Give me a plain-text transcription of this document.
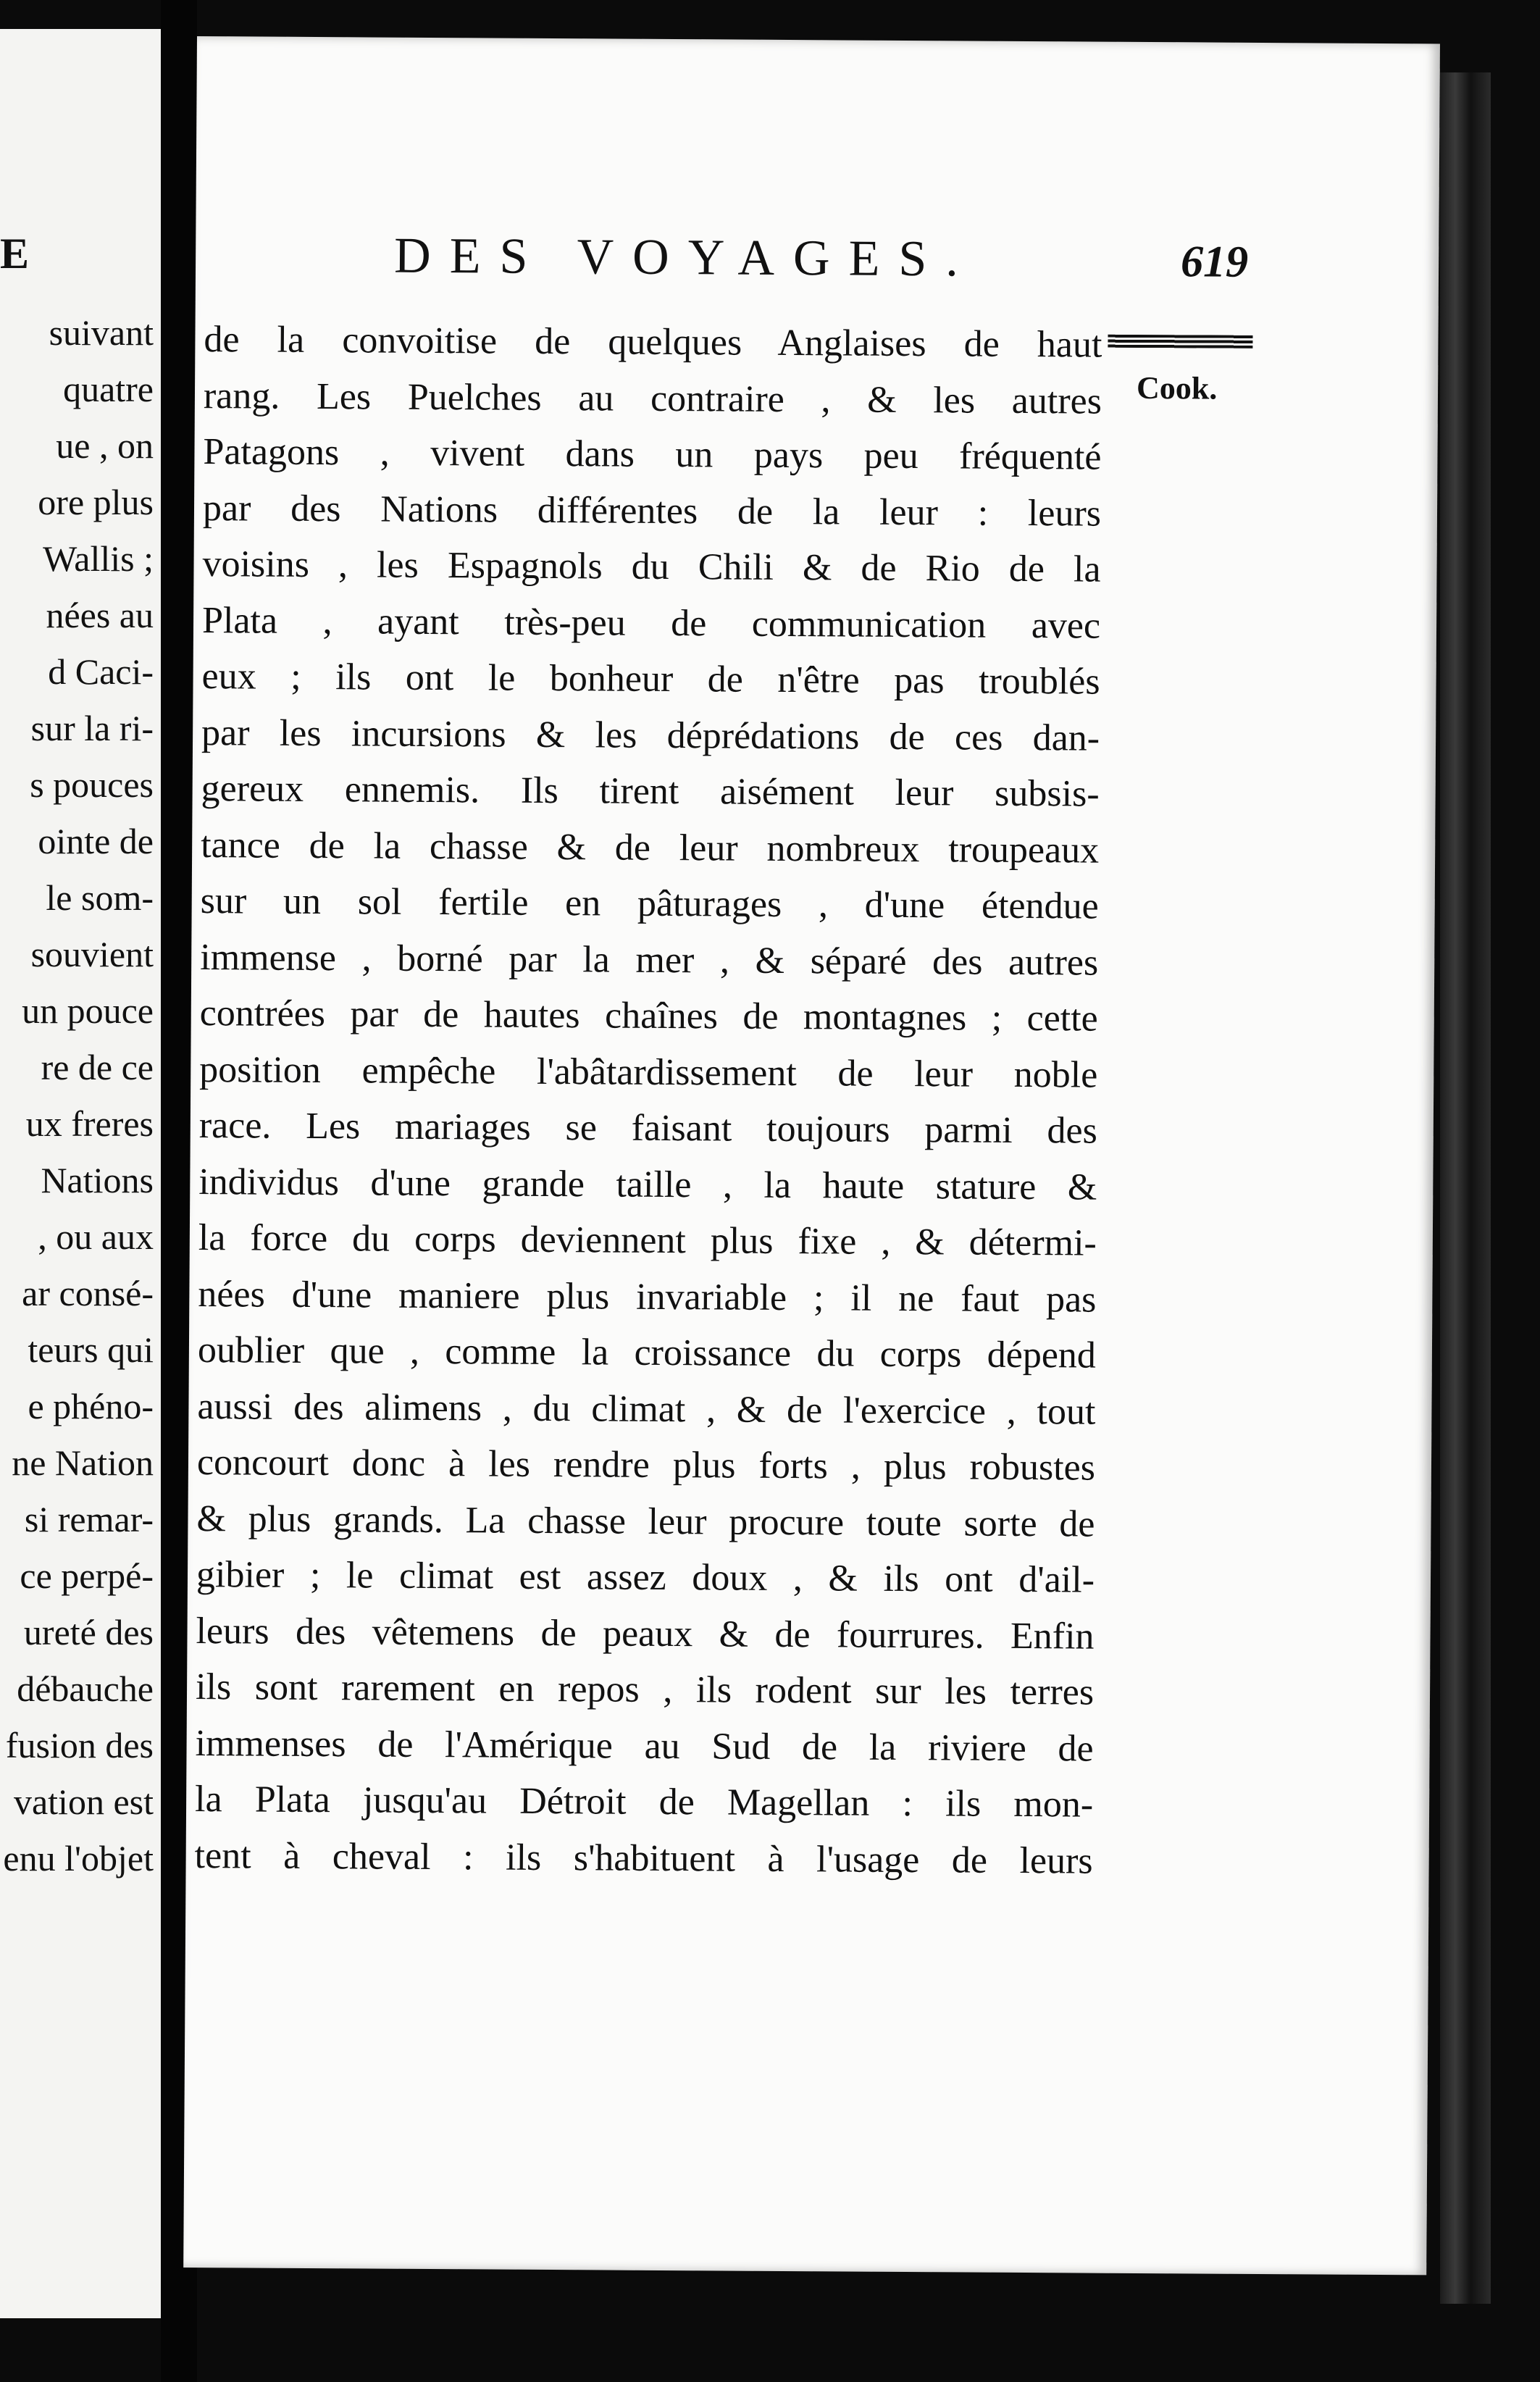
E
suivant
quatre
ue , on
ore plus
Wallis ;
nées au
d Caci-
sur la ri-
s pouces
ointe de
le som-
souvient
un pouce
re de ce
ux freres
Nations
, ou aux
ar consé-
teurs qui
e phéno-
ne Nation
si remar-
ce perpé-
ureté des
débauche
fusion des
vation est
enu l'objet
DES VOYAGES.	619
Cook.
de la convoitise de quelques Anglaises de haut
rang. Les Puelches au contraire , & les autres
Patagons , vivent dans un pays peu fréquenté
par des Nations différentes de la leur : leurs
voisins , les Espagnols du Chili & de Rio de la
Plata , ayant très-peu de communication avec
eux ; ils ont le bonheur de n'être pas troublés
par les incursions & les déprédations de ces dan-
gereux ennemis. Ils tirent aisément leur subsis-
tance de la chasse & de leur nombreux troupeaux
sur un sol fertile en pâturages , d'une étendue
immense , borné par la mer , & séparé des autres
contrées par de hautes chaînes de montagnes ; cette
position empêche l'abâtardissement de leur noble
race. Les mariages se faisant toujours parmi des
individus d'une grande taille , la haute stature &
la force du corps deviennent plus fixe , & détermi-
nées d'une maniere plus invariable ; il ne faut pas
oublier que , comme la croissance du corps dépend
aussi des alimens , du climat , & de l'exercice , tout
concourt donc à les rendre plus forts , plus robustes
& plus grands. La chasse leur procure toute sorte de
gibier ; le climat est assez doux , & ils ont d'ail-
leurs des vêtemens de peaux & de fourrures. Enfin
ils sont rarement en repos , ils rodent sur les terres
immenses de l'Amérique au Sud de la riviere de
la Plata jusqu'au Détroit de Magellan : ils mon-
tent à cheval : ils s'habituent à l'usage de leurs
